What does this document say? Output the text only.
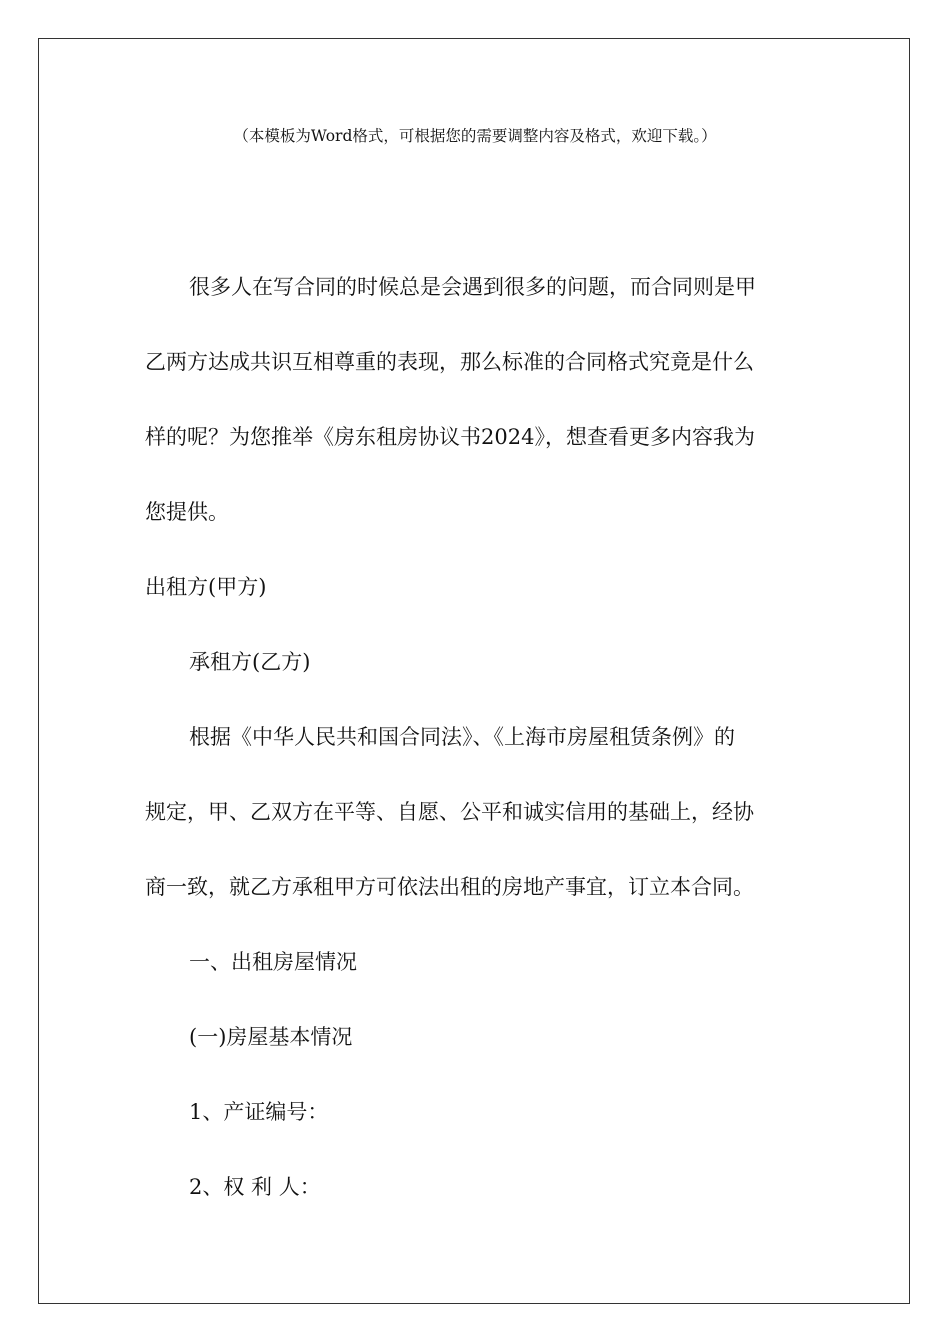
（本模板为Word格式，可根据您的需要调整内容及格式，欢迎下载。）
很多人在写合同的时候总是会遇到很多的问题，而合同则是甲
乙两方达成共识互相尊重的表现，那么标准的合同格式究竟是什么
样的呢？为您推举《房东租房协议书2024》，想查看更多内容我为
您提供。
出租方(甲方)
承租方(乙方)
根据《中华人民共和国合同法》、《上海市房屋租赁条例》的
规定，甲、乙双方在平等、自愿、公平和诚实信用的基础上，经协
商一致，就乙方承租甲方可依法出租的房地产事宜，订立本合同。
一、出租房屋情况
(一)房屋基本情况
1、产证编号：
2、权 利 人：
